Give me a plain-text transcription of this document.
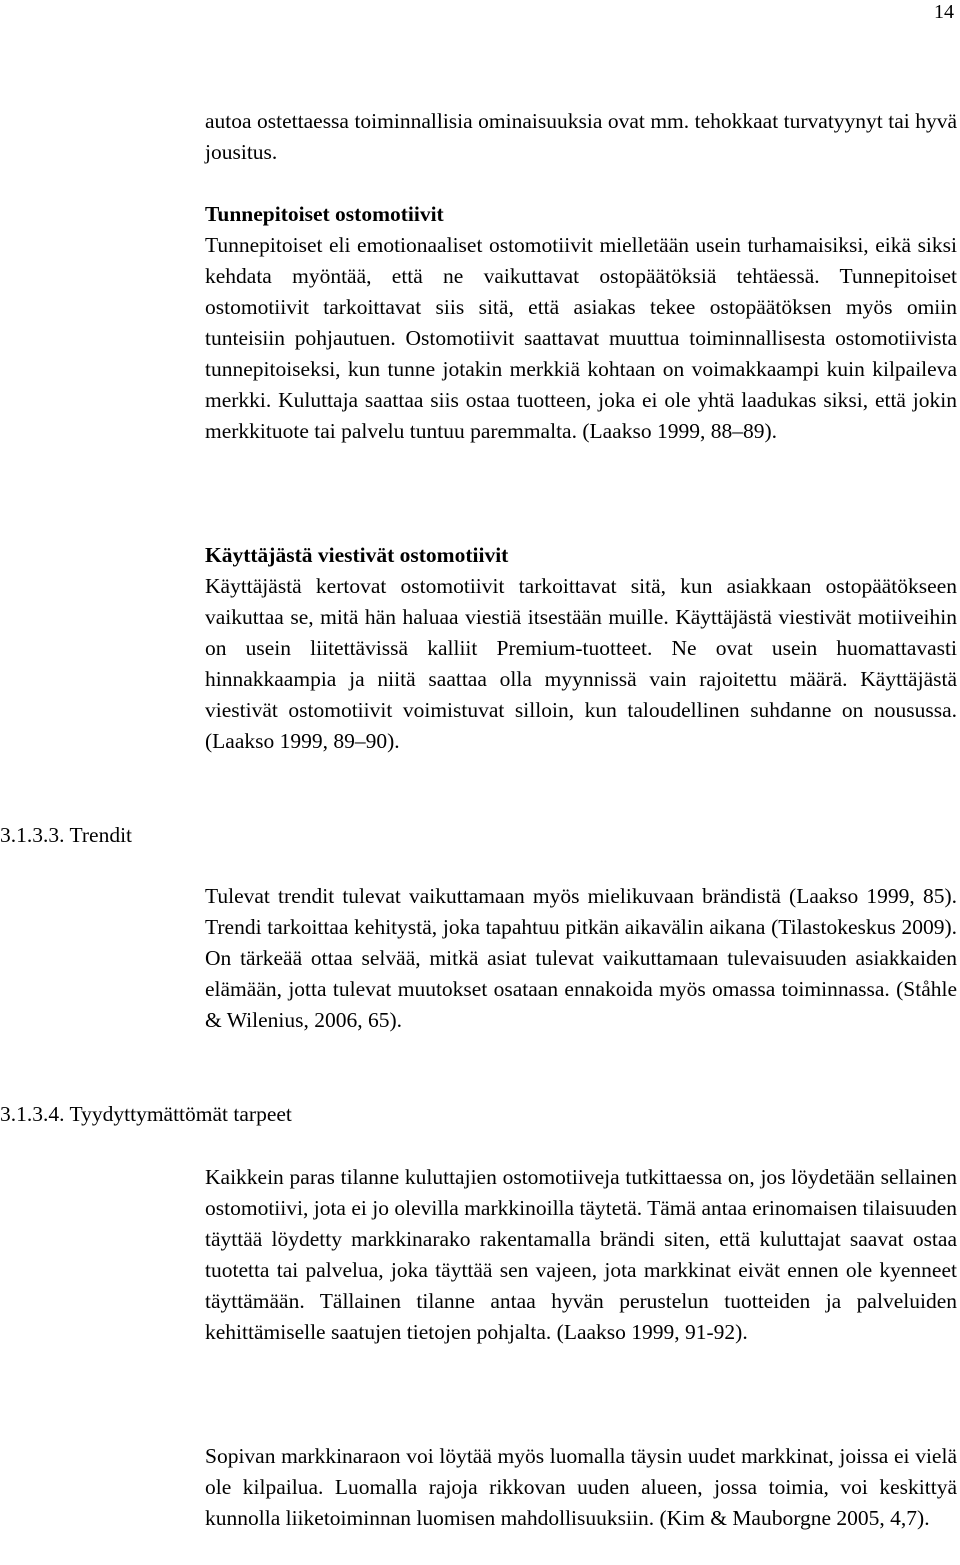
14

autoa ostettaessa toiminnallisia ominaisuuksia ovat mm. tehokkaat turvatyynyt tai hyvä jousitus.

Tunnepitoiset ostomotiivit

Tunnepitoiset eli emotionaaliset ostomotiivit mielletään usein turhamaisiksi, eikä siksi kehdata myöntää, että ne vaikuttavat ostopäätöksiä tehtäessä. Tunnepitoiset ostomotiivit tarkoittavat siis sitä, että asiakas tekee ostopäätöksen myös omiin tunteisiin pohjautuen. Ostomotiivit saattavat muuttua toiminnallisesta ostomotiivista tunnepitoiseksi, kun tunne jotakin merkkiä kohtaan on voimakkaampi kuin kilpaileva merkki. Kuluttaja saattaa siis ostaa tuotteen, joka ei ole yhtä laadukas siksi, että jokin merkkituote tai palvelu tuntuu paremmalta. (Laakso 1999, 88–89).

Käyttäjästä viestivät ostomotiivit

Käyttäjästä kertovat ostomotiivit tarkoittavat sitä, kun asiakkaan ostopäätökseen vaikuttaa se, mitä hän haluaa viestiä itsestään muille. Käyttäjästä viestivät motiiveihin on usein liitettävissä kalliit Premium-tuotteet. Ne ovat usein huomattavasti hinnakkaampia ja niitä saattaa olla myynnissä vain rajoitettu määrä. Käyttäjästä viestivät ostomotiivit voimistuvat silloin, kun taloudellinen suhdanne on nousussa. (Laakso 1999, 89–90).

3.1.3.3. Trendit

Tulevat trendit tulevat vaikuttamaan myös mielikuvaan brändistä (Laakso 1999, 85). Trendi tarkoittaa kehitystä, joka tapahtuu pitkän aikavälin aikana (Tilastokeskus 2009). On tärkeää ottaa selvää, mitkä asiat tulevat vaikuttamaan tulevaisuuden asiakkaiden elämään, jotta tulevat muutokset osataan ennakoida myös omassa toiminnassa. (Ståhle & Wilenius, 2006, 65).

3.1.3.4. Tyydyttymättömät tarpeet

Kaikkein paras tilanne kuluttajien ostomotiiveja tutkittaessa on, jos löydetään sellainen ostomotiivi, jota ei jo olevilla markkinoilla täytetä. Tämä antaa erinomaisen tilaisuuden täyttää löydetty markkinarako rakentamalla brändi siten, että kuluttajat saavat ostaa tuotetta tai palvelua, joka täyttää sen vajeen, jota markkinat eivät ennen ole kyenneet täyttämään. Tällainen tilanne antaa hyvän perustelun tuotteiden ja palveluiden kehittämiselle saatujen tietojen pohjalta. (Laakso 1999, 91-92).

Sopivan markkinaraon voi löytää myös luomalla täysin uudet markkinat, joissa ei vielä ole kilpailua. Luomalla rajoja rikkovan uuden alueen, jossa toimia, voi keskittyä kunnolla liiketoiminnan luomisen mahdollisuuksiin. (Kim & Mauborgne 2005, 4,7).
